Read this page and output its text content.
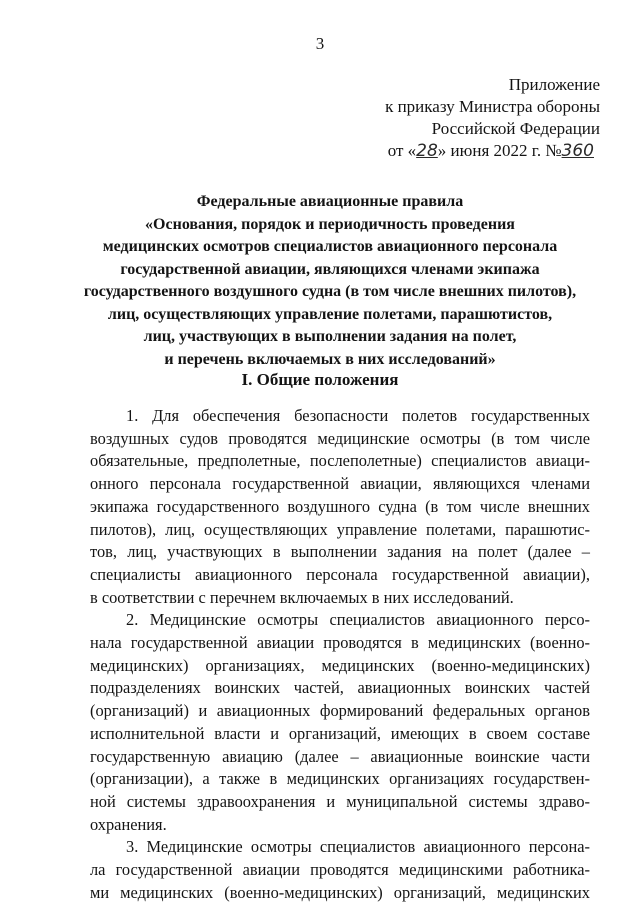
3
Приложение
к приказу Министра обороны
Российской Федерации
от «28» июня 2022 г. №360
Федеральные авиационные правила
«Основания, порядок и периодичность проведения
медицинских осмотров специалистов авиационного персонала
государственной авиации, являющихся членами экипажа
государственного воздушного судна (в том числе внешних пилотов),
лиц, осуществляющих управление полетами, парашютистов,
лиц, участвующих в выполнении задания на полет,
и перечень включаемых в них исследований»
I. Общие положения
1. Для обеспечения безопасности полетов государственных
воздушных судов проводятся медицинские осмотры (в том числе
обязательные, предполетные, послеполетные) специалистов авиаци-
онного персонала государственной авиации, являющихся членами
экипажа государственного воздушного судна (в том числе внешних
пилотов), лиц, осуществляющих управление полетами, парашютис-
тов, лиц, участвующих в выполнении задания на полет (далее –
специалисты авиационного персонала государственной авиации),
в соответствии с перечнем включаемых в них исследований.
2. Медицинские осмотры специалистов авиационного персо-
нала государственной авиации проводятся в медицинских (военно-
медицинских) организациях, медицинских (военно-медицинских)
подразделениях воинских частей, авиационных воинских частей
(организаций) и авиационных формирований федеральных органов
исполнительной власти и организаций, имеющих в своем составе
государственную авиацию (далее – авиационные воинские части
(организации), а также в медицинских организациях государствен-
ной системы здравоохранения и муниципальной системы здраво-
охранения.
3. Медицинские осмотры специалистов авиационного персона-
ла государственной авиации проводятся медицинскими работника-
ми медицинских (военно-медицинских) организаций, медицинских
